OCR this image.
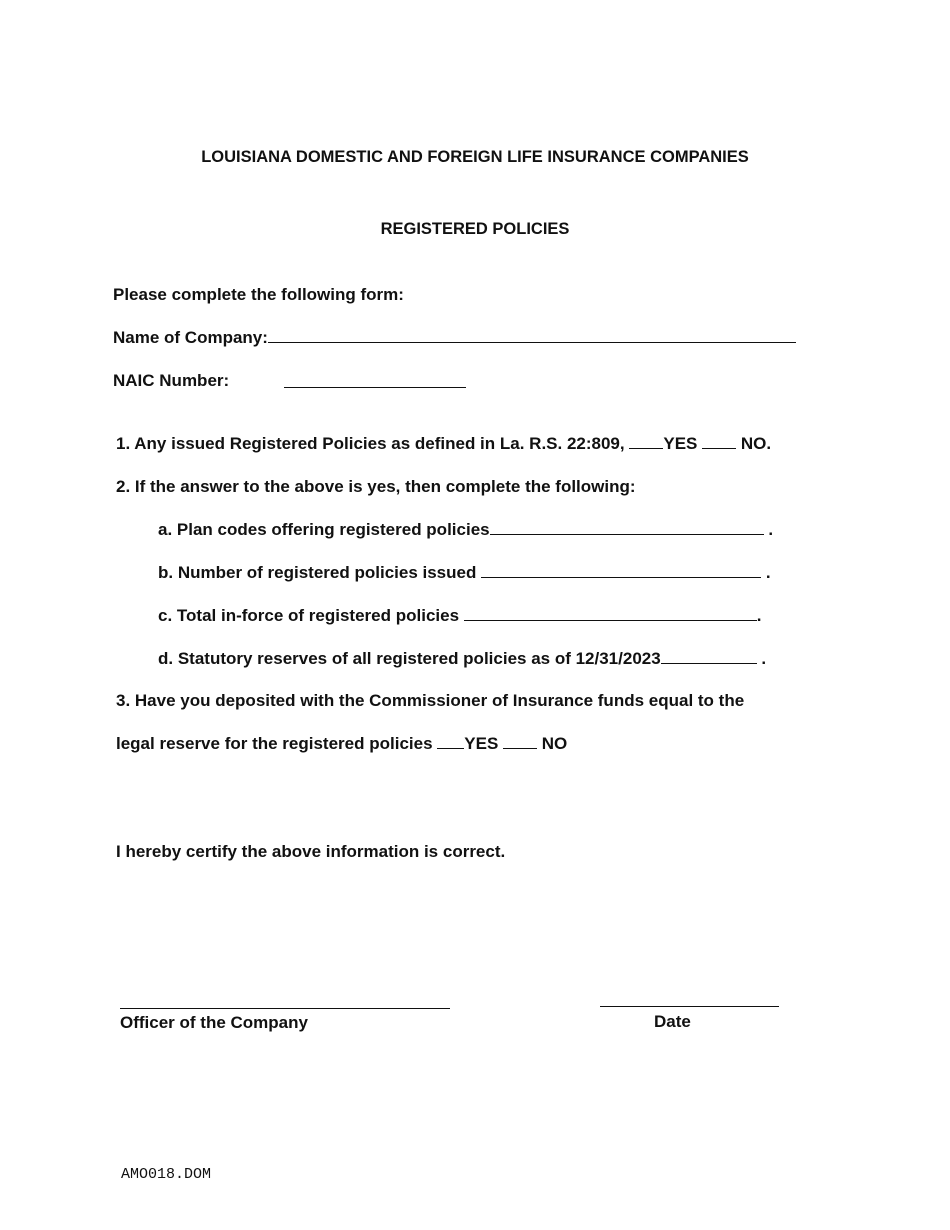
LOUISIANA DOMESTIC AND FOREIGN LIFE INSURANCE COMPANIES
REGISTERED POLICIES
Please complete the following form:
Name of Company:
NAIC Number:
1. Any issued Registered Policies as defined in La. R.S. 22:809, YES	NO.
2. If the answer to the above is yes, then complete the following:
a. Plan codes offering registered policies	.
b. Number of registered policies issued	.
c. Total in-force of registered policies	.
d. Statutory reserves of all registered policies as of 12/31/2023	.
3. Have you deposited with the Commissioner of Insurance funds equal to the
legal reserve for the registered policies YES	NO
I hereby certify the above information is correct.
Officer of the Company	Date
AMO018.DOM
